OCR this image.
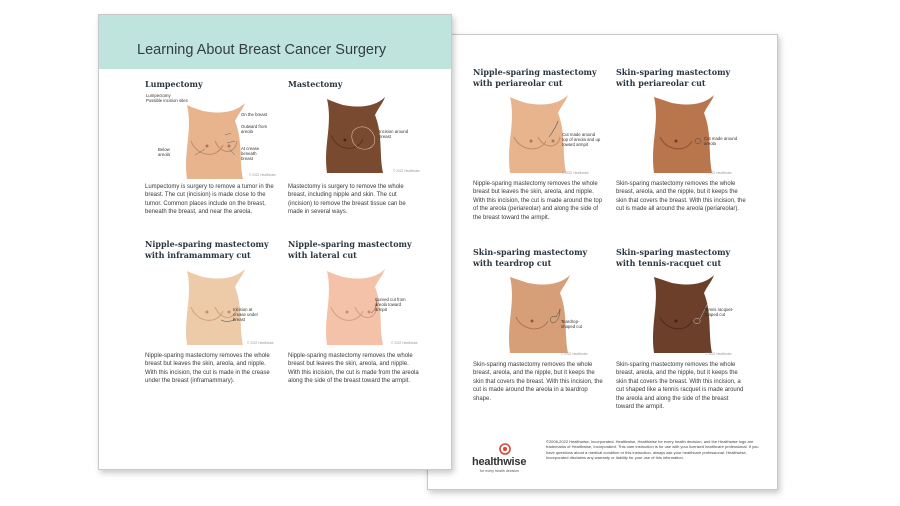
Nipple-sparing mastectomy with periareolar cut
Cut made around top of areola and up toward armpit
© 2022 Healthwise
Nipple-sparing mastectomy removes the whole breast but leaves the skin, areola, and nipple. With this incision, the cut is made around the top of the areola (periareolar) and along the side of the breast toward the armpit.
Skin-sparing mastectomy with periareolar cut
Cut made around areola
© 2022 Healthwise
Skin-sparing mastectomy removes the whole breast, areola, and the nipple, but it keeps the skin that covers the breast. With this incision, the cut is made all around the areola (periareolar).
Skin-sparing mastectomy with teardrop cut
Teardrop-shaped cut
© 2022 Healthwise
Skin-sparing mastectomy removes the whole breast, areola, and the nipple, but it keeps the skin that covers the breast. With this incision, the cut is made around the areola in a teardrop shape.
Skin-sparing mastectomy with tennis-racquet cut
Tennis racquet-shaped cut
© 2022 Healthwise
Skin-sparing mastectomy removes the whole breast, areola, and the nipple, but it keeps the skin that covers the breast. With this incision, a cut shaped like a tennis racquet is made around the areola and along the side of the breast toward the armpit.
healthwise
for every health decision
©2006-2022 Healthwise, Incorporated. Healthwise, Healthwise for every health decision, and the Healthwise logo are trademarks of Healthwise, Incorporated. This care instruction is for use with your licensed healthcare professional. If you have questions about a medical condition or this instruction, always ask your healthcare professional. Healthwise, Incorporated disclaims any warranty or liability for your use of this information.
Learning About Breast Cancer Surgery
Lumpectomy
Lumpectomy
Possible incision sites
On the breast
Outward from areola
Below areola
At crease beneath breast
© 2022 Healthwise
Lumpectomy is surgery to remove a tumor in the breast. The cut (incision) is made close to the tumor. Common places include on the breast, beneath the breast, and near the areola.
Mastectomy
Incision around breast
© 2022 Healthwise
Mastectomy is surgery to remove the whole breast, including nipple and skin. The cut (incision) to remove the breast tissue can be made in several ways.
Nipple-sparing mastectomy with inframammary cut
Incision at crease under breast
© 2022 Healthwise
Nipple-sparing mastectomy removes the whole breast but leaves the skin, areola, and nipple. With this incision, the cut is made in the crease under the breast (inframammary).
Nipple-sparing mastectomy with lateral cut
Curved cut from areola toward armpit
© 2022 Healthwise
Nipple-sparing mastectomy removes the whole breast but leaves the skin, areola, and nipple. With this incision, the cut is made from the areola along the side of the breast toward the armpit.
